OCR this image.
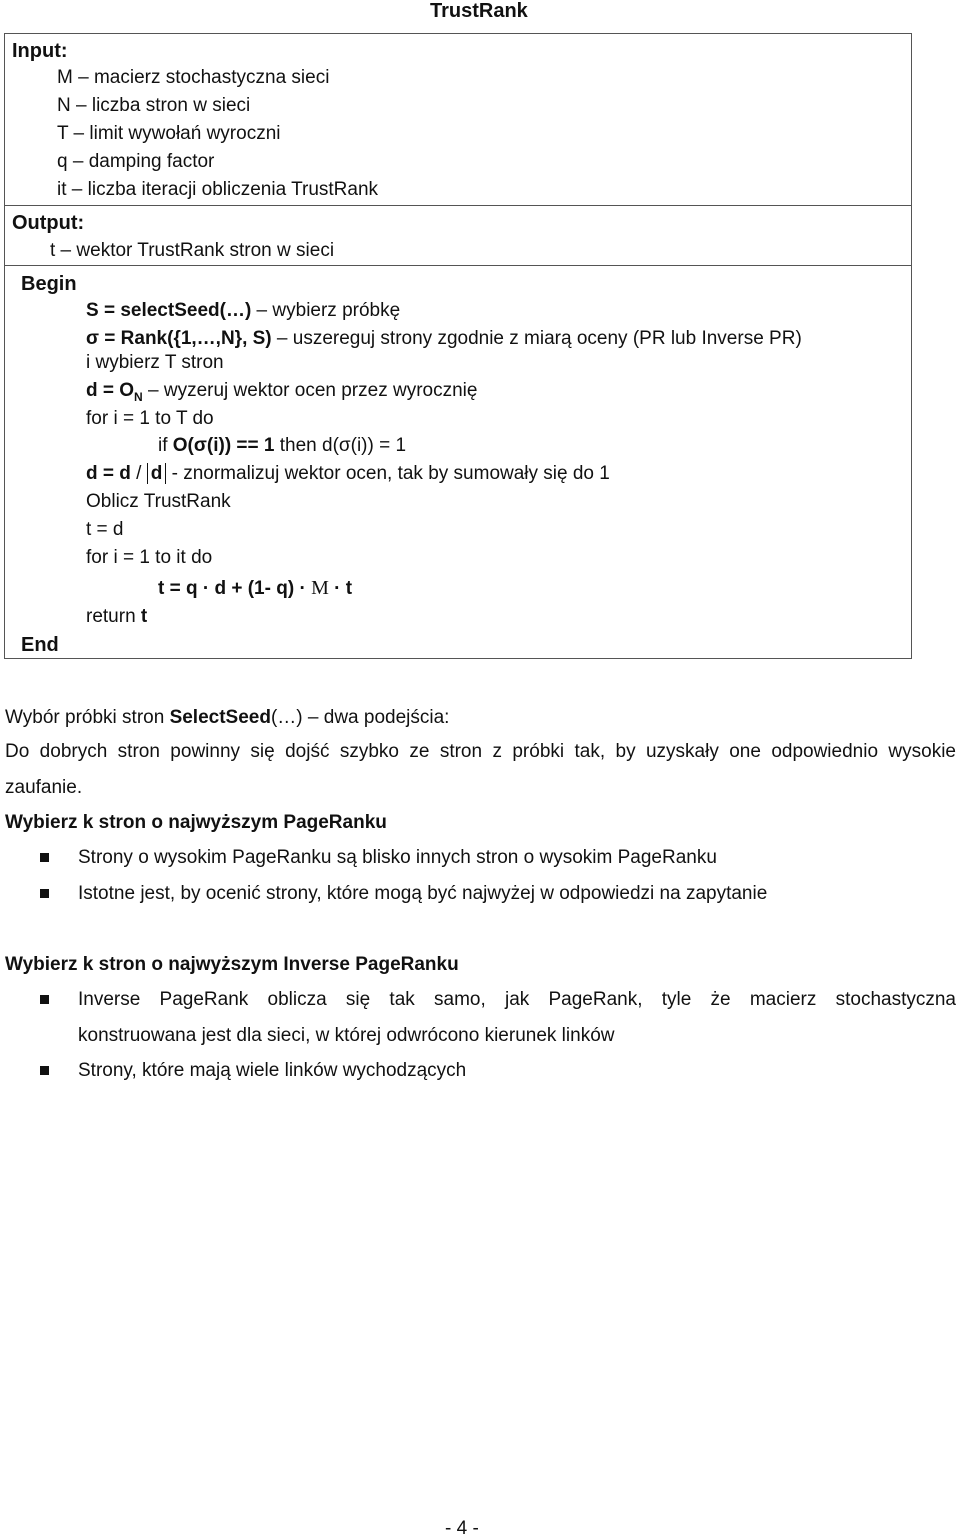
TrustRank
Input:
M – macierz stochastyczna sieci
N – liczba stron w sieci
T – limit wywołań wyroczni
q – damping factor
it – liczba iteracji obliczenia TrustRank
Output:
t – wektor TrustRank stron w sieci
Begin
S = selectSeed(…) – wybierz próbkę
σ = Rank({1,…,N}, S) – uszereguj strony zgodnie z miarą oceny (PR lub Inverse PR)
i wybierz T stron
$d = O_N$ – wyzeruj wektor ocen przez wyrocznię
for i = 1 to T do
if O(σ(i)) == 1 then d(σ(i)) = 1
d = d / d - znormalizuj wektor ocen, tak by sumowały się do 1
Oblicz TrustRank
t = d
for i = 1 to it do
t = q · d + (1- q) · M · t
return t
End
Wybór próbki stron SelectSeed(…) – dwa podejścia:
Do dobrych stron powinny się dojść szybko ze stron z próbki tak, by uzyskały one odpowiednio wysokie
zaufanie.
Wybierz k stron o najwyższym PageRanku
Strony o wysokim PageRanku są blisko innych stron o wysokim PageRanku
Istotne jest, by ocenić strony, które mogą być najwyżej w odpowiedzi na zapytanie
Wybierz k stron o najwyższym Inverse PageRanku
Inverse PageRank oblicza się tak samo, jak PageRank, tyle że macierz stochastyczna
konstruowana jest dla sieci, w której odwrócono kierunek linków
Strony, które mają wiele linków wychodzących
- 4 -
